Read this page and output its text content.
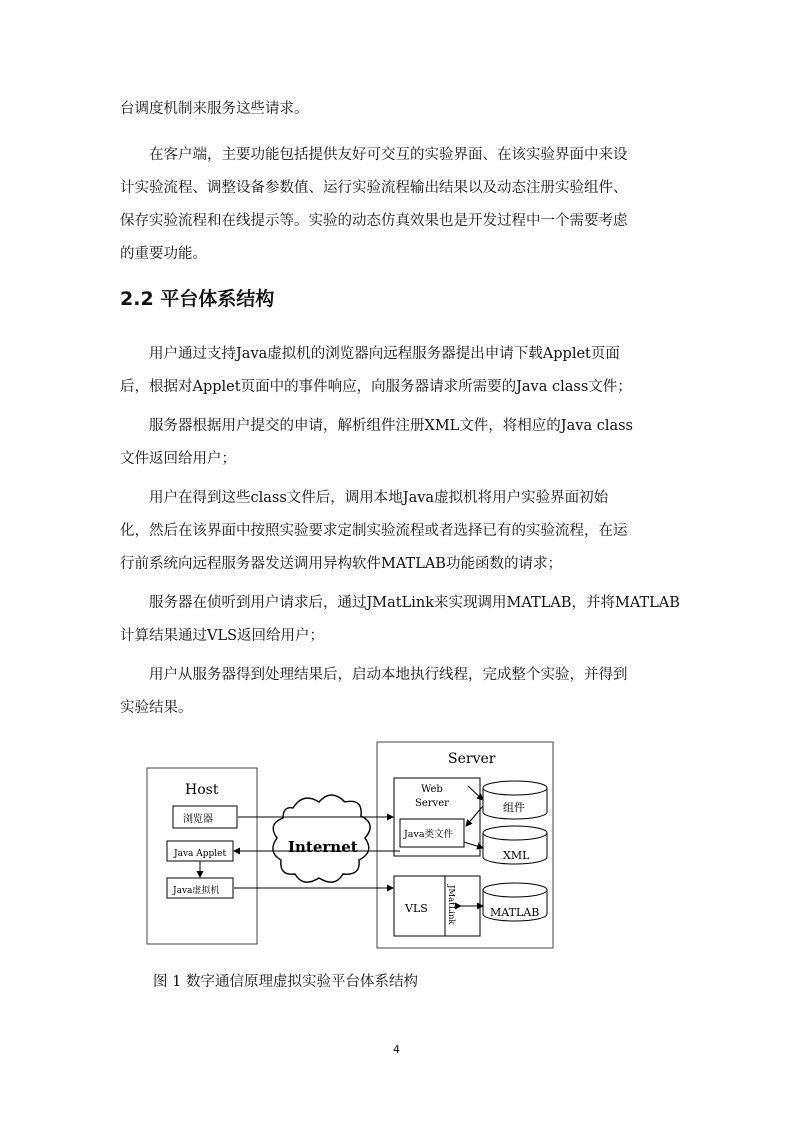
台调度机制来服务这些请求。

　　在客户端，主要功能包括提供友好可交互的实验界面、在该实验界面中来设
计实验流程、调整设备参数值、运行实验流程输出结果以及动态注册实验组件、
保存实验流程和在线提示等。实验的动态仿真效果也是开发过程中一个需要考虑
的重要功能。

2.2 平台体系结构

　　用户通过支持Java虚拟机的浏览器向远程服务器提出申请下载Applet页面
后，根据对Applet页面中的事件响应，向服务器请求所需要的Java class文件；

　　服务器根据用户提交的申请，解析组件注册XML文件，将相应的Java class
文件返回给用户；

　　用户在得到这些class文件后，调用本地Java虚拟机将用户实验界面初始
化，然后在该界面中按照实验要求定制实验流程或者选择已有的实验流程，在运
行前系统向远程服务器发送调用异构软件MATLAB功能函数的请求；

　　服务器在侦听到用户请求后，通过JMatLink来实现调用MATLAB，并将MATLAB
计算结果通过VLS返回给用户；

　　用户从服务器得到处理结果后，启动本地执行线程，完成整个实验，并得到
实验结果。

Host
浏览器
Java Applet
Java虚拟机
Internet
Server
Web
Server
Java类文件
VLS JMatLink
组件
XML
MATLAB

图 1 数字通信原理虚拟实验平台体系结构

4
